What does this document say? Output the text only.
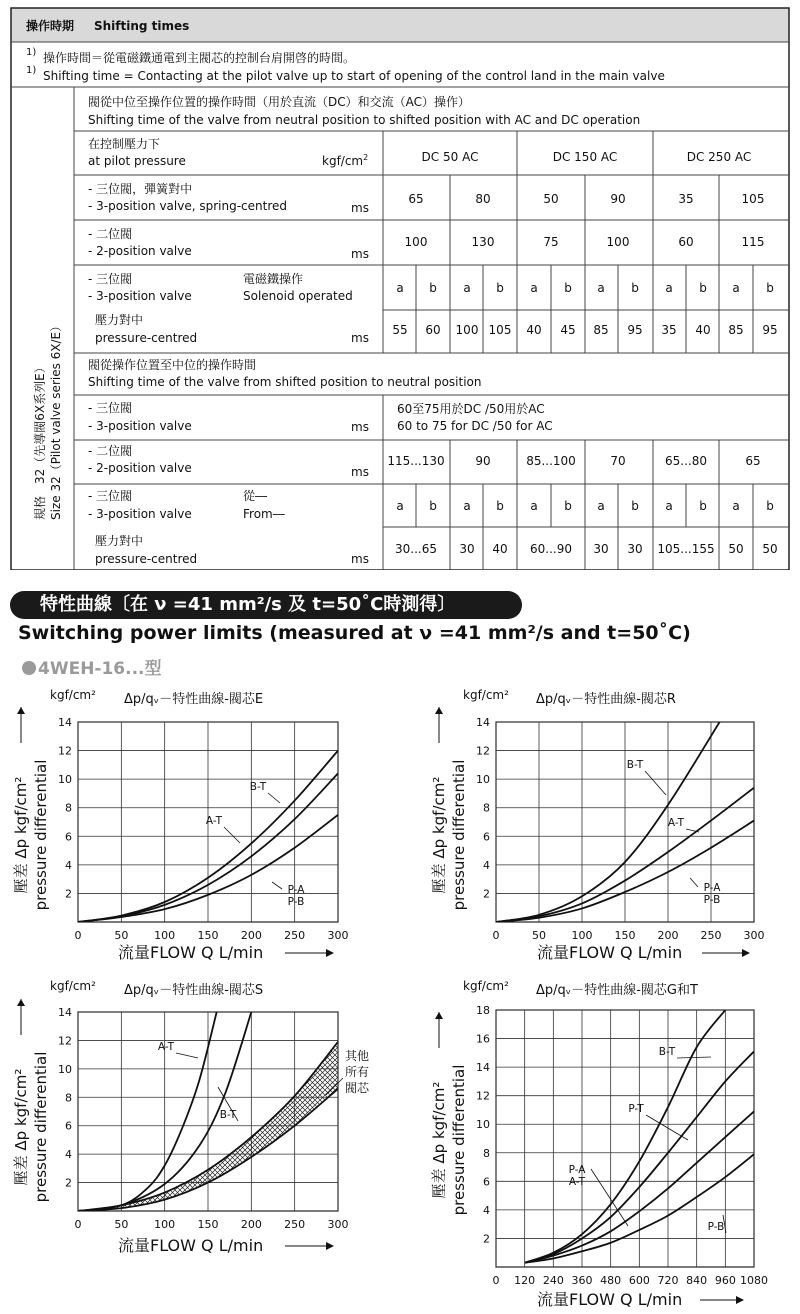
操作時期 Shifting times
1) 操作時間＝從電磁鐵通電到主閥芯的控制台肩開啓的時間。
1) Shifting time = Contacting at the pilot valve up to start of opening of the control land in the main valve
規格　32（先導閥6X系列E） Size 32（Pilot valve series 6X/E）
閥從中位至操作位置的操作時間（用於直流（DC）和交流（AC）操作）
Shifting time of the valve from neutral position to shifted position with AC and DC operation
在控制壓力下
at pilot pressure	kgf/$cm^2$	DC 50 AC	DC 150 AC	DC 250 AC
- 三位閥，彈簧對中
- 3-position valve, spring-centred	ms
65	80	50	90	35	105
- 二位閥
- 2-position valve	ms
100	130	75	100	60	115
- 三位閥
- 3-position valve
電磁鐵操作
Solenoid operated
a b a b a b a b a b a b
壓力對中
pressure-centred	ms
55 60 100 105 40 45 85 95 35 40 85 95
閥從操作位置至中位的操作時間
Shifting time of the valve from shifted position to neutral position
- 三位閥
- 3-position valve	ms
60至75用於DC /50用於AC
60 to 75 for DC /50 for AC
- 二位閥
- 2-position valve	ms
115...130	90	85...100	70	65...80	65
- 三位閥
- 3-position valve
從―
From―
a b a b a b a b a b a b
壓力對中
pressure-centred	ms
30...65 30 40 60...90 30 30 105...155 50 50
特性曲線〔在 ν =41 mm²/s 及 t=50˚C時測得〕
Switching power limits (measured at ν =41 mm²/s and t=50˚C)
4WEH-16...型
0	50 100 150 200 250 300
2
4
6
8
10
12
14
B-T
A-T
P-A
P-B
kgf/cm² Δp/qᵥ－特性曲線-閥芯E
壓差 Δp kgf/cm² pressure differential
流量FLOW Q L/min
0	50 100 150 200 250 300
2
4
6
8
10
12
14
B-T
A-T
P-A
P-B
kgf/cm² Δp/qᵥ－特性曲線-閥芯R
壓差 Δp kgf/cm² pressure differential
流量FLOW Q L/min
0	50 100 150 200 250 300
2
4
6
8
10
12
14
A-T
B-T
其他
所有
閥芯
kgf/cm² Δp/qᵥ－特性曲線-閥芯S
壓差 Δp kgf/cm² pressure differential
流量FLOW Q L/min
0 120 240 360 480 600 720 840 960 1080
2
4
6
8
10
12
14
16
18
B-T
P-T
P-A
A-T
P-B
kgf/cm² Δp/qᵥ－特性曲線-閥芯G和T
壓差 Δp kgf/cm² pressure differential
流量FLOW Q L/min
